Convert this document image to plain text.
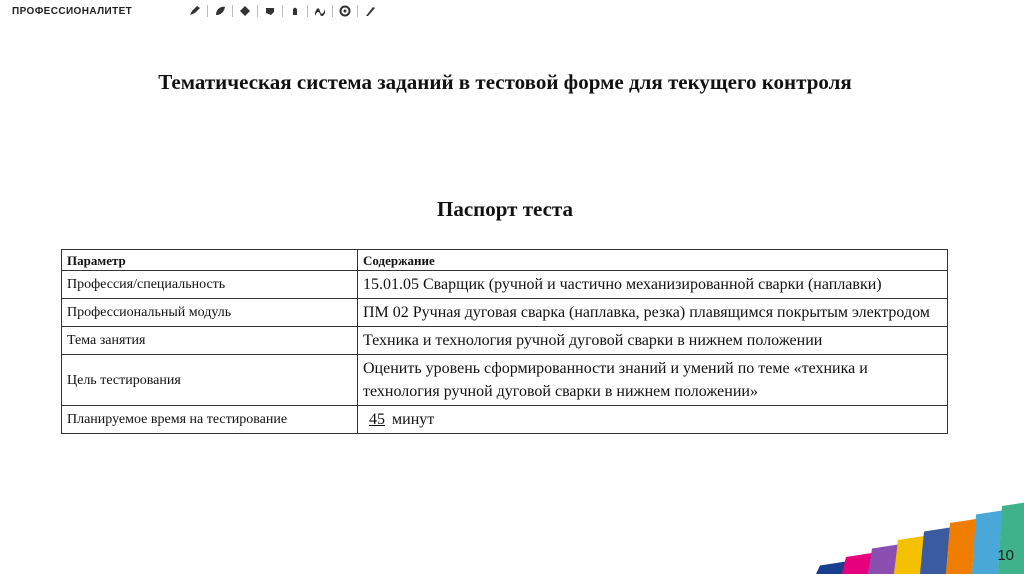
ПРОФЕССИОНАЛИТЕТ
Тематическая система заданий в тестовой форме для текущего контроля
Паспорт теста
Параметр	Содержание
Профессия/специальность	15.01.05 Сварщик (ручной и частично механизированной сварки (наплавки)
Профессиональный модуль	ПМ 02 Ручная дуговая сварка (наплавка, резка) плавящимся покрытым электродом
Тема занятия	Техника и технология ручной дуговой сварки в нижнем положении
Цель тестирования	Оценить уровень сформированности знаний и умений по теме «техника и технология ручной дуговой сварки в нижнем положении»
Планируемое время на тестирование	45 минут
10
